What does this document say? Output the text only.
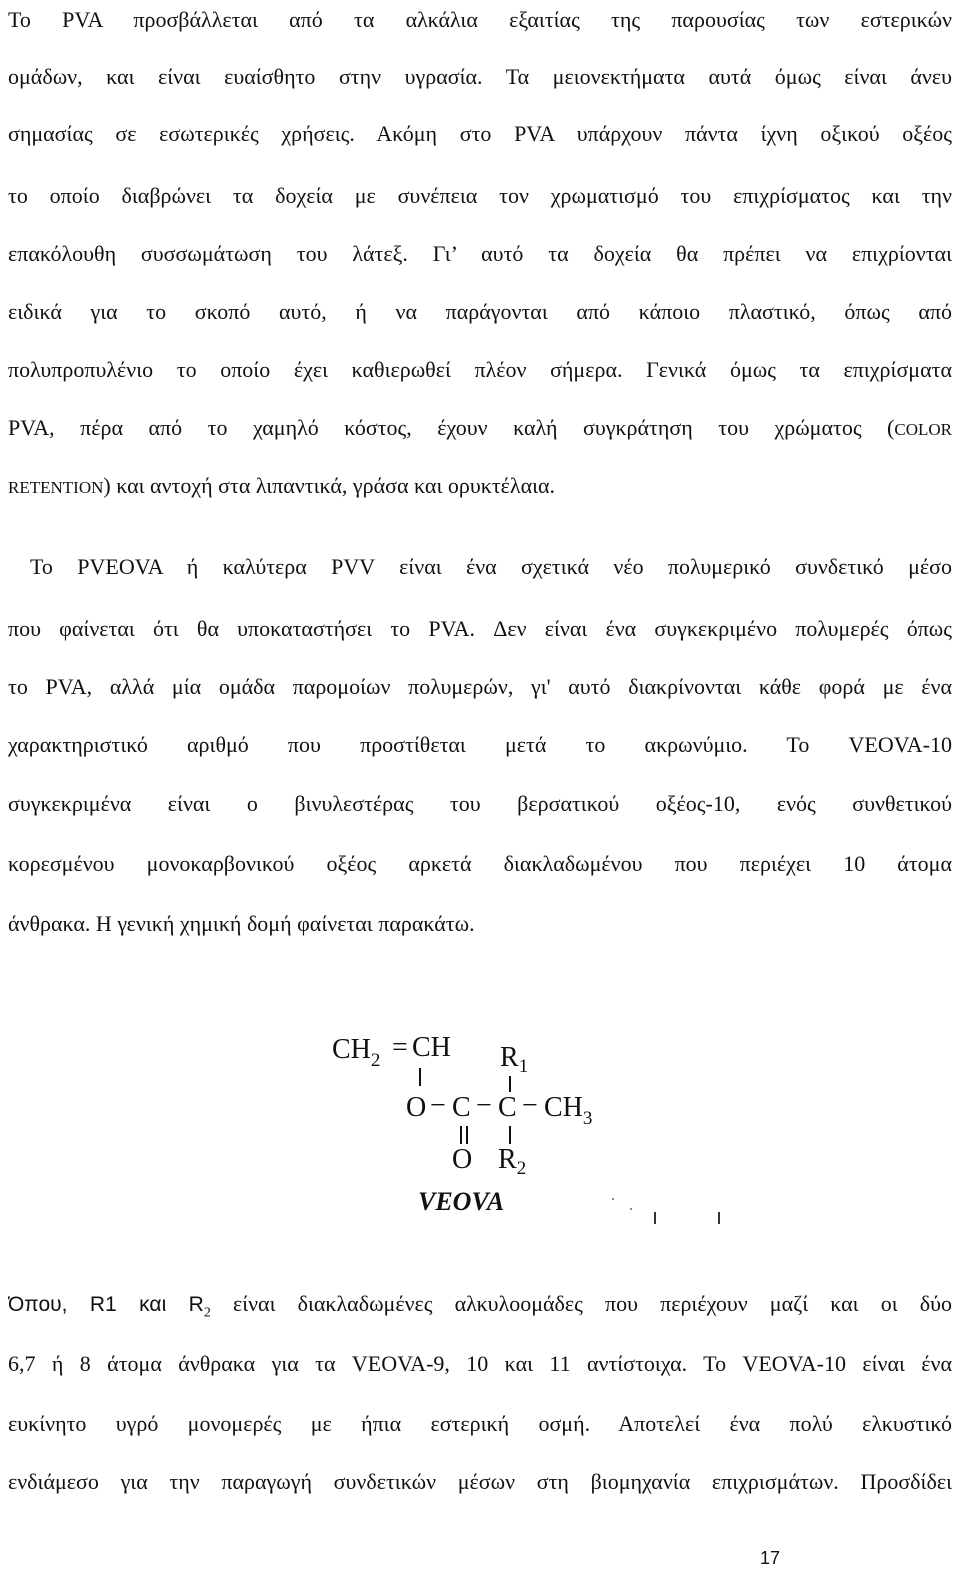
Το PVA προσβάλλεται από τα αλκάλια εξαιτίας της παρουσίας των εστερικών
ομάδων, και είναι ευαίσθητο στην υγρασία. Τα μειονεκτήματα αυτά όμως είναι άνευ
σημασίας σε εσωτερικές χρήσεις. Ακόμη στο PVA υπάρχουν πάντα ίχνη οξικού οξέος
το οποίο διαβρώνει τα δοχεία με συνέπεια τον χρωματισμό του επιχρίσματος και την
επακόλουθη συσσωμάτωση του λάτεξ. Γι’ αυτό τα δοχεία θα πρέπει να επιχρίονται
ειδικά για το σκοπό αυτό, ή να παράγονται από κάποιο πλαστικό, όπως από
πολυπροπυλένιο το οποίο έχει καθιερωθεί πλέον σήμερα. Γενικά όμως τα επιχρίσματα
PVA, πέρα από το χαμηλό κόστος, έχουν καλή συγκράτηση του χρώματος (COLOR
RETENTION) και αντοχή στα λιπαντικά, γράσα και ορυκτέλαια.
Το PVEOVA ή καλύτερα PVV είναι ένα σχετικά νέο πολυμερικό συνδετικό μέσο
που φαίνεται ότι θα υποκαταστήσει το PVA. Δεν είναι ένα συγκεκριμένο πολυμερές όπως
το PVA, αλλά μία ομάδα παρομοίων πολυμερών, γι' αυτό διακρίνονται κάθε φορά με ένα
χαρακτηριστικό αριθμό που προστίθεται μετά το ακρωνύμιο. Το VEOVA-10
συγκεκριμένα είναι ο βινυλεστέρας του βερσατικού οξέος-10, ενός συνθετικού
κορεσμένου μονοκαρβονικού οξέος αρκετά διακλαδωμένου που περιέχει 10 άτομα
άνθρακα. Η γενική χημική δομή φαίνεται παρακάτω.
$CH_2$ = CH $R_1$
$O - C - C - CH_3$
O $R_2$
VEOVA
Όπου, R1 και $R_2$ είναι διακλαδωμένες αλκυλοομάδες που περιέχουν μαζί και οι δύο
6,7 ή 8 άτομα άνθρακα για τα VEOVA-9, 10 και 11 αντίστοιχα. Το VEOVA-10 είναι ένα
ευκίνητο υγρό μονομερές με ήπια εστερική οσμή. Αποτελεί ένα πολύ ελκυστικό
ενδιάμεσο για την παραγωγή συνδετικών μέσων στη βιομηχανία επιχρισμάτων. Προσδίδει
17
